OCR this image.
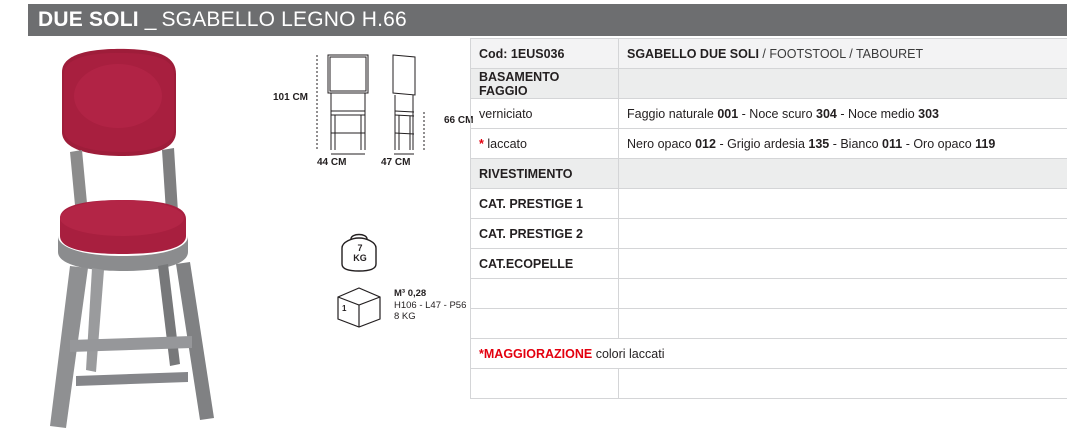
DUE SOLI _ SGABELLO LEGNO H.66
101 CM
66 CM
44 CM	47 CM
7
KG
1
M³ 0,28
H106 - L47 - P56
8 KG
Cod: 1EUS036	SGABELLO DUE SOLI / FOOTSTOOL / TABOURET
BASAMENTO FAGGIO	
verniciato	Faggio naturale 001 - Noce scuro 304 - Noce medio 303
* laccato	Nero opaco 012 - Grigio ardesia 135 - Bianco 011 - Oro opaco 119
RIVESTIMENTO	
CAT. PRESTIGE 1	
CAT. PRESTIGE 2	
CAT.ECOPELLE	

*MAGGIORAZIONE colori laccati	
